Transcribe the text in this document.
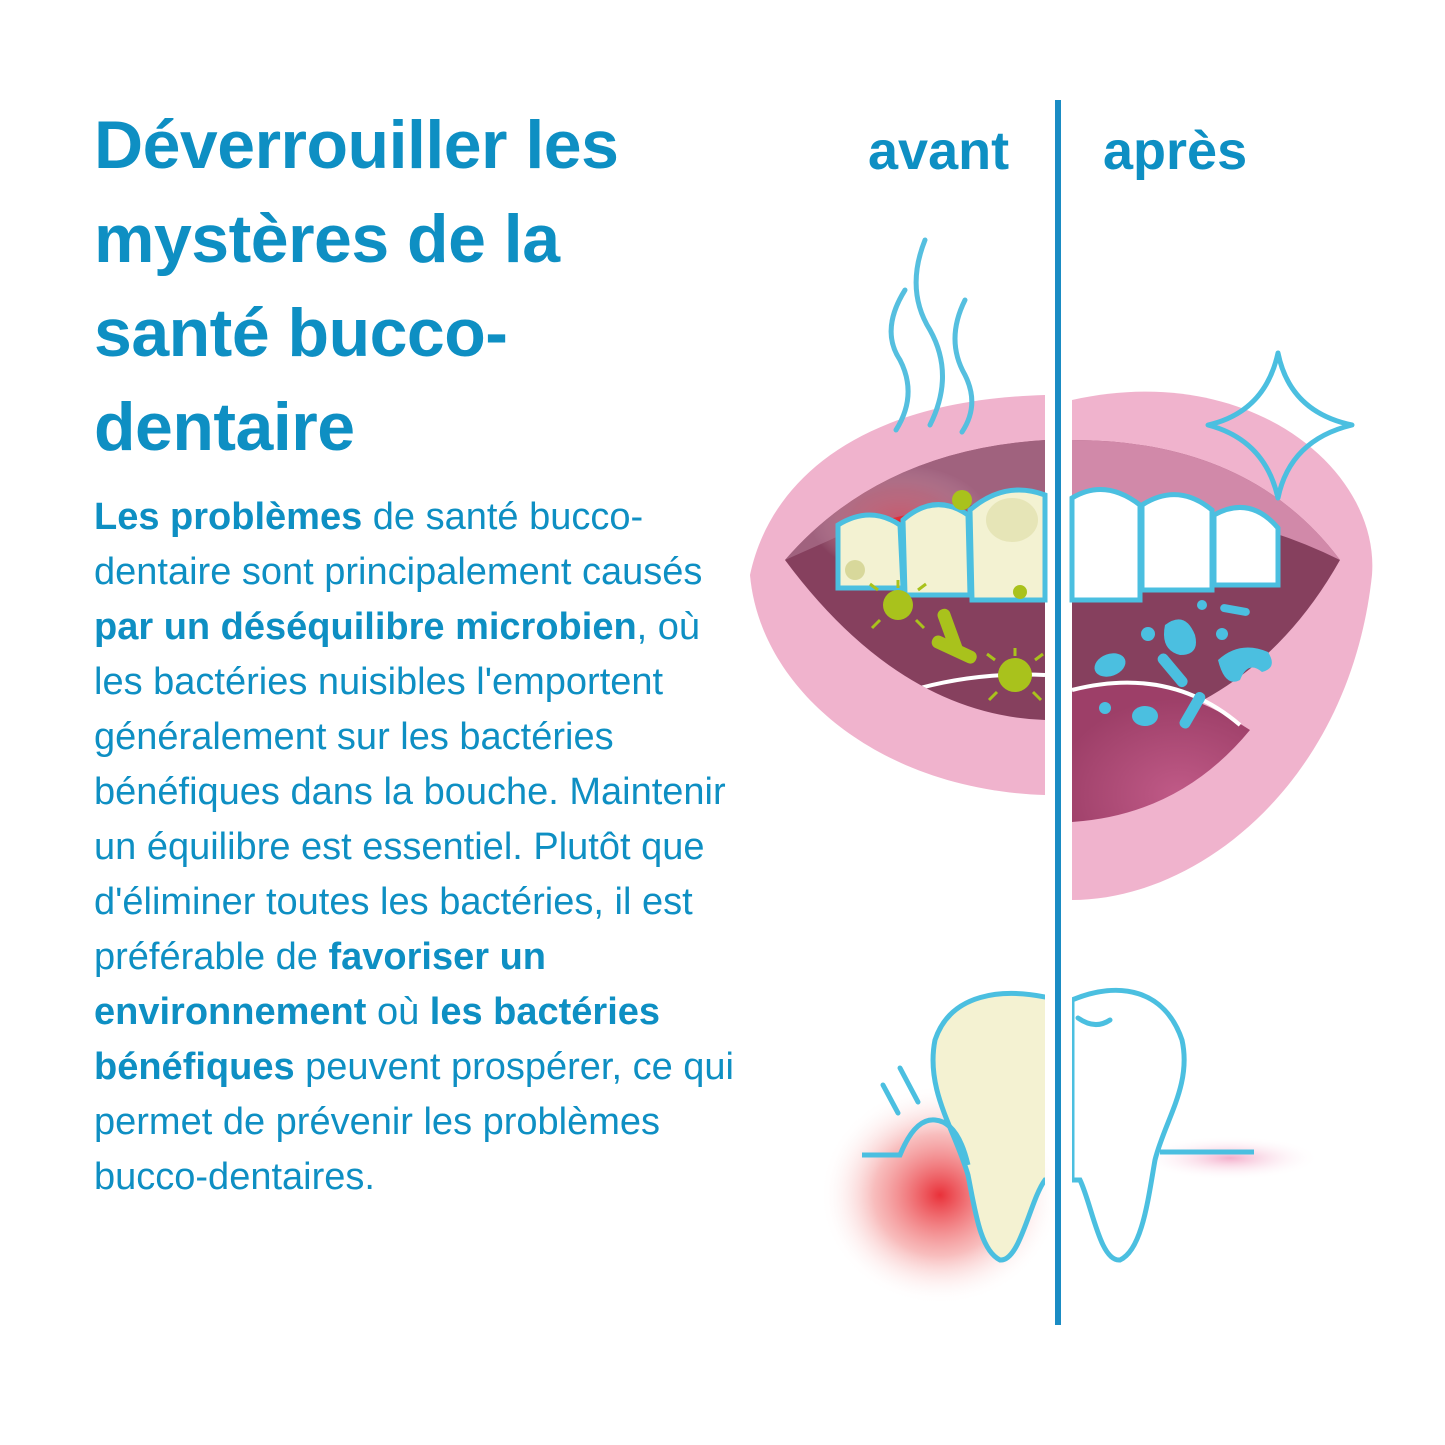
Déverrouiller les mystères de la santé bucco-dentaire

Les problèmes de santé bucco-dentaire sont principalement causés par un déséquilibre microbien, où les bactéries nuisibles l'emportent généralement sur les bactéries bénéfiques dans la bouche. Maintenir un équilibre est essentiel. Plutôt que d'éliminer toutes les bactéries, il est préférable de favoriser un environnement où les bactéries bénéfiques peuvent prospérer, ce qui permet de prévenir les problèmes bucco-dentaires.

avant après
